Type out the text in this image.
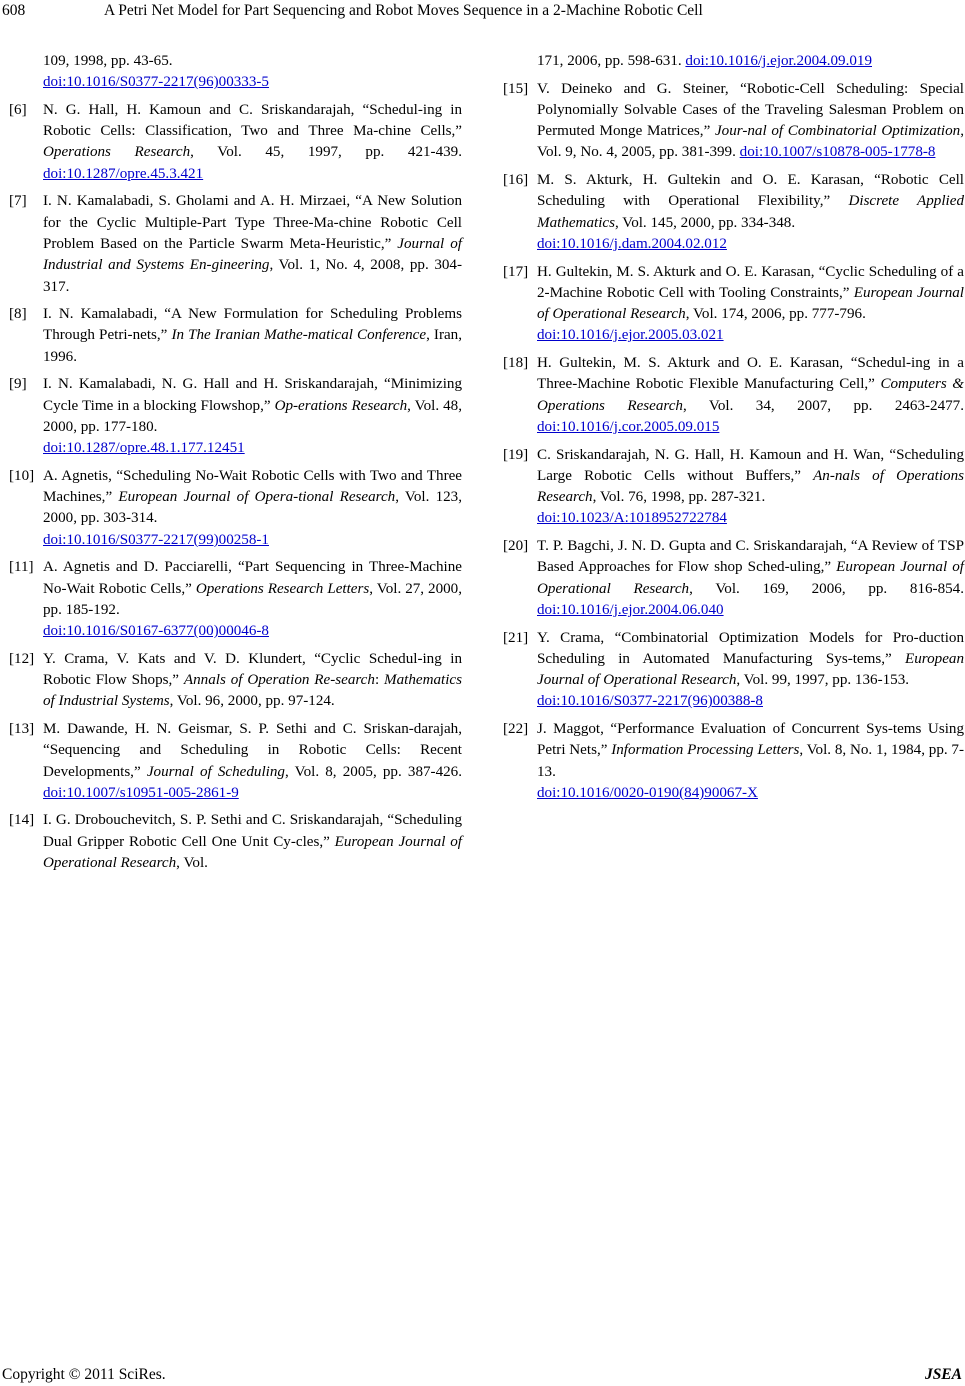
608	A Petri Net Model for Part Sequencing and Robot Moves Sequence in a 2-Machine Robotic Cell
109, 1998, pp. 43-65.
doi:10.1016/S0377-2217(96)00333-5
[6] N. G. Hall, H. Kamoun and C. Sriskandarajah, “Schedul-ing in Robotic Cells: Classification, Two and Three Ma-chine Cells,” Operations Research, Vol. 45, 1997, pp. 421-439. doi:10.1287/opre.45.3.421
[7] I. N. Kamalabadi, S. Gholami and A. H. Mirzaei, “A New Solution for the Cyclic Multiple-Part Type Three-Ma-chine Robotic Cell Problem Based on the Particle Swarm Meta-Heuristic,” Journal of Industrial and Systems En-gineering, Vol. 1, No. 4, 2008, pp. 304-317.
[8] I. N. Kamalabadi, “A New Formulation for Scheduling Problems Through Petri-nets,” In The Iranian Mathe-matical Conference, Iran, 1996.
[9] I. N. Kamalabadi, N. G. Hall and H. Sriskandarajah, “Minimizing Cycle Time in a blocking Flowshop,” Op-erations Research, Vol. 48, 2000, pp. 177-180.
doi:10.1287/opre.48.1.177.12451
[10] A. Agnetis, “Scheduling No-Wait Robotic Cells with Two and Three Machines,” European Journal of Opera-tional Research, Vol. 123, 2000, pp. 303-314.
doi:10.1016/S0377-2217(99)00258-1
[11] A. Agnetis and D. Pacciarelli, “Part Sequencing in Three-Machine No-Wait Robotic Cells,” Operations Research Letters, Vol. 27, 2000, pp. 185-192.
doi:10.1016/S0167-6377(00)00046-8
[12] Y. Crama, V. Kats and V. D. Klundert, “Cyclic Schedul-ing in Robotic Flow Shops,” Annals of Operation Re-search: Mathematics of Industrial Systems, Vol. 96, 2000, pp. 97-124.
[13] M. Dawande, H. N. Geismar, S. P. Sethi and C. Sriskan-darajah, “Sequencing and Scheduling in Robotic Cells: Recent Developments,” Journal of Scheduling, Vol. 8, 2005, pp. 387-426. doi:10.1007/s10951-005-2861-9
[14] I. G. Drobouchevitch, S. P. Sethi and C. Sriskandarajah, “Scheduling Dual Gripper Robotic Cell One Unit Cy-cles,” European Journal of Operational Research, Vol.
171, 2006, pp. 598-631. doi:10.1016/j.ejor.2004.09.019
[15] V. Deineko and G. Steiner, “Robotic-Cell Scheduling: Special Polynomially Solvable Cases of the Traveling Salesman Problem on Permuted Monge Matrices,” Jour-nal of Combinatorial Optimization, Vol. 9, No. 4, 2005, pp. 381-399. doi:10.1007/s10878-005-1778-8
[16] M. S. Akturk, H. Gultekin and O. E. Karasan, “Robotic Cell Scheduling with Operational Flexibility,” Discrete Applied Mathematics, Vol. 145, 2000, pp. 334-348.
doi:10.1016/j.dam.2004.02.012
[17] H. Gultekin, M. S. Akturk and O. E. Karasan, “Cyclic Scheduling of a 2-Machine Robotic Cell with Tooling Constraints,” European Journal of Operational Research, Vol. 174, 2006, pp. 777-796.
doi:10.1016/j.ejor.2005.03.021
[18] H. Gultekin, M. S. Akturk and O. E. Karasan, “Schedul-ing in a Three-Machine Robotic Flexible Manufacturing Cell,” Computers & Operations Research, Vol. 34, 2007, pp. 2463-2477. doi:10.1016/j.cor.2005.09.015
[19] C. Sriskandarajah, N. G. Hall, H. Kamoun and H. Wan, “Scheduling Large Robotic Cells without Buffers,” An-nals of Operations Research, Vol. 76, 1998, pp. 287-321.
doi:10.1023/A:1018952722784
[20] T. P. Bagchi, J. N. D. Gupta and C. Sriskandarajah, “A Review of TSP Based Approaches for Flow shop Sched-uling,” European Journal of Operational Research, Vol. 169, 2006, pp. 816-854. doi:10.1016/j.ejor.2004.06.040
[21] Y. Crama, “Combinatorial Optimization Models for Pro-duction Scheduling in Automated Manufacturing Sys-tems,” European Journal of Operational Research, Vol. 99, 1997, pp. 136-153.
doi:10.1016/S0377-2217(96)00388-8
[22] J. Maggot, “Performance Evaluation of Concurrent Sys-tems Using Petri Nets,” Information Processing Letters, Vol. 8, No. 1, 1984, pp. 7-13.
doi:10.1016/0020-0190(84)90067-X
Copyright © 2011 SciRes.	JSEA
